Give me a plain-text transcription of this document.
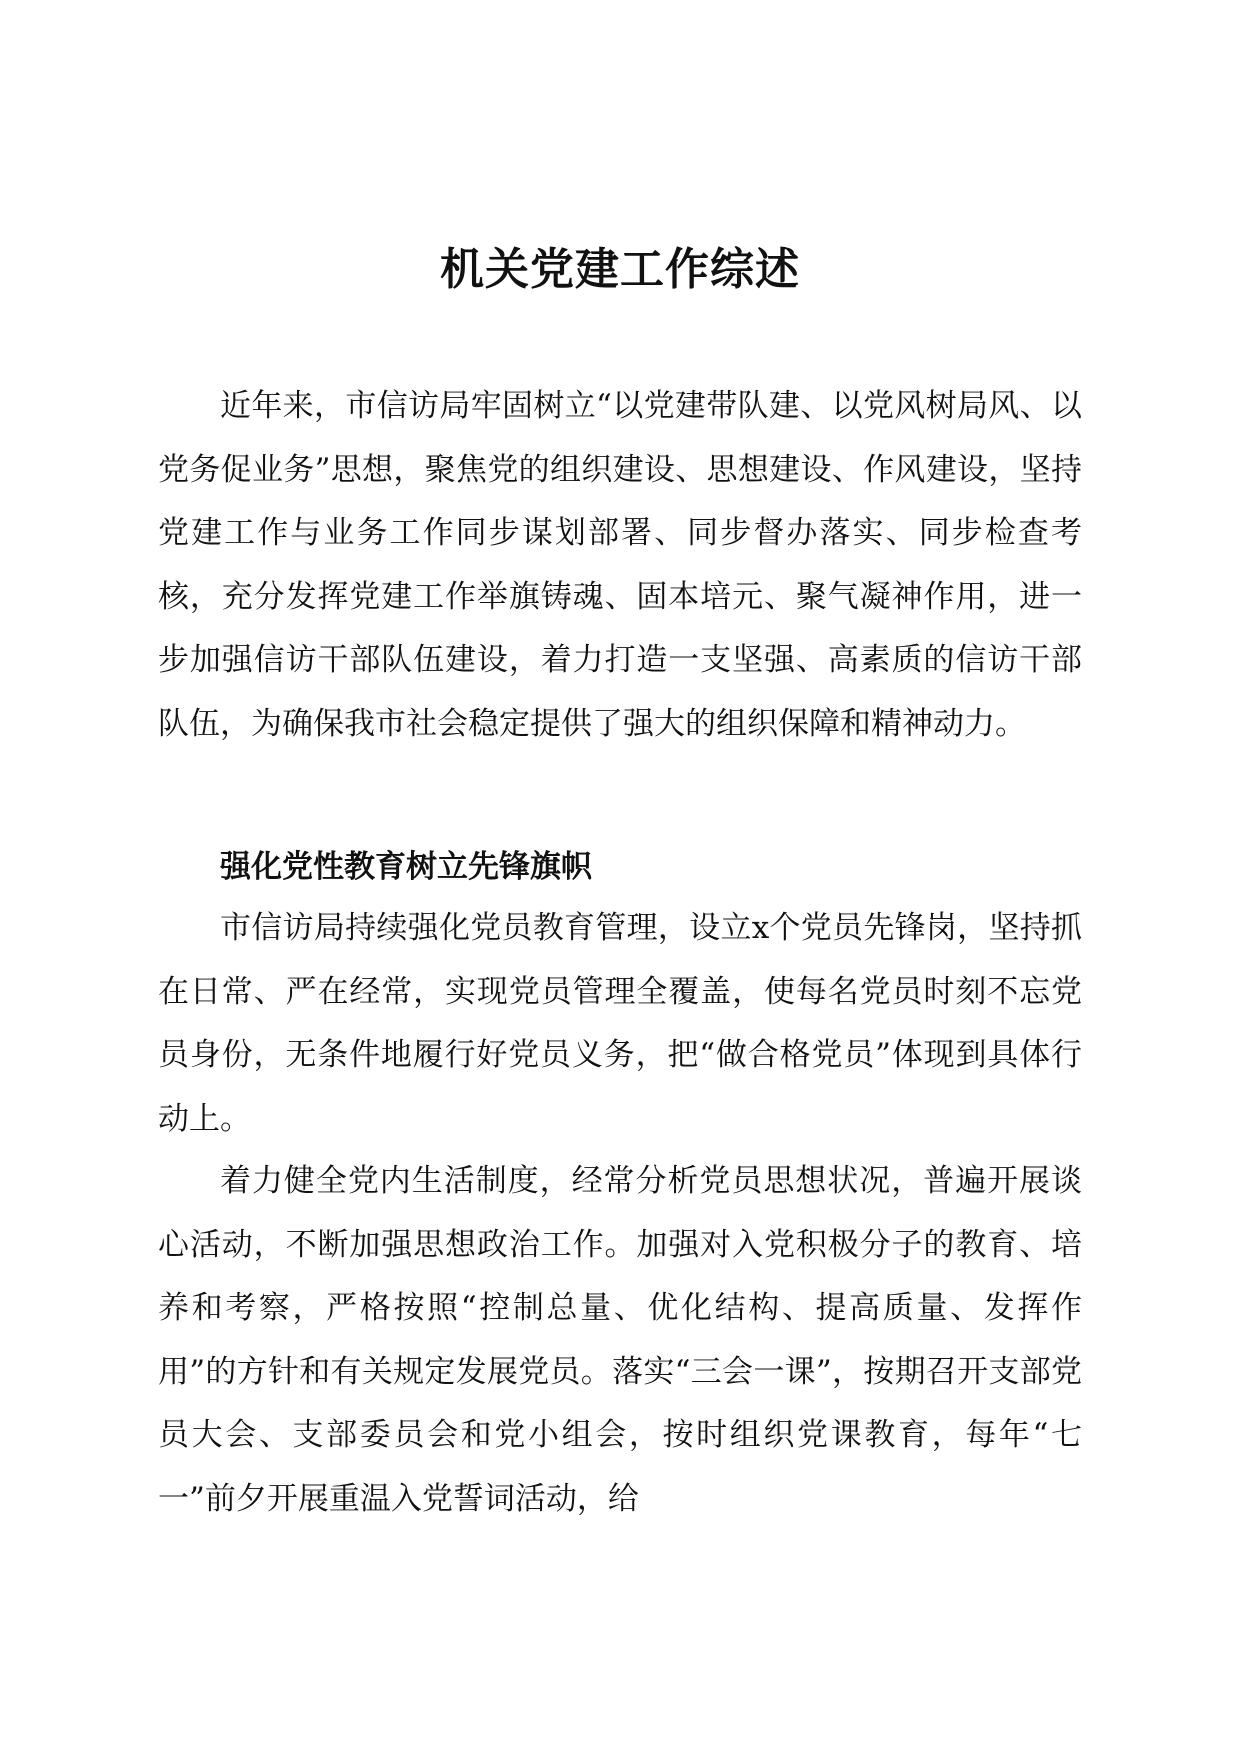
机关党建工作综述

近年来，市信访局牢固树立“以党建带队建、以党风树局风、以党务促业务”思想，聚焦党的组织建设、思想建设、作风建设，坚持党建工作与业务工作同步谋划部署、同步督办落实、同步检查考核，充分发挥党建工作举旗铸魂、固本培元、聚气凝神作用，进一步加强信访干部队伍建设，着力打造一支坚强、高素质的信访干部队伍，为确保我市社会稳定提供了强大的组织保障和精神动力。

强化党性教育树立先锋旗帜

市信访局持续强化党员教育管理，设立x个党员先锋岗，坚持抓在日常、严在经常，实现党员管理全覆盖，使每名党员时刻不忘党员身份，无条件地履行好党员义务，把“做合格党员”体现到具体行动上。

着力健全党内生活制度，经常分析党员思想状况，普遍开展谈心活动，不断加强思想政治工作。加强对入党积极分子的教育、培养和考察，严格按照“控制总量、优化结构、提高质量、发挥作用”的方针和有关规定发展党员。落实“三会一课”，按期召开支部党员大会、支部委员会和党小组会，按时组织党课教育，每年“七一”前夕开展重温入党誓词活动，给
